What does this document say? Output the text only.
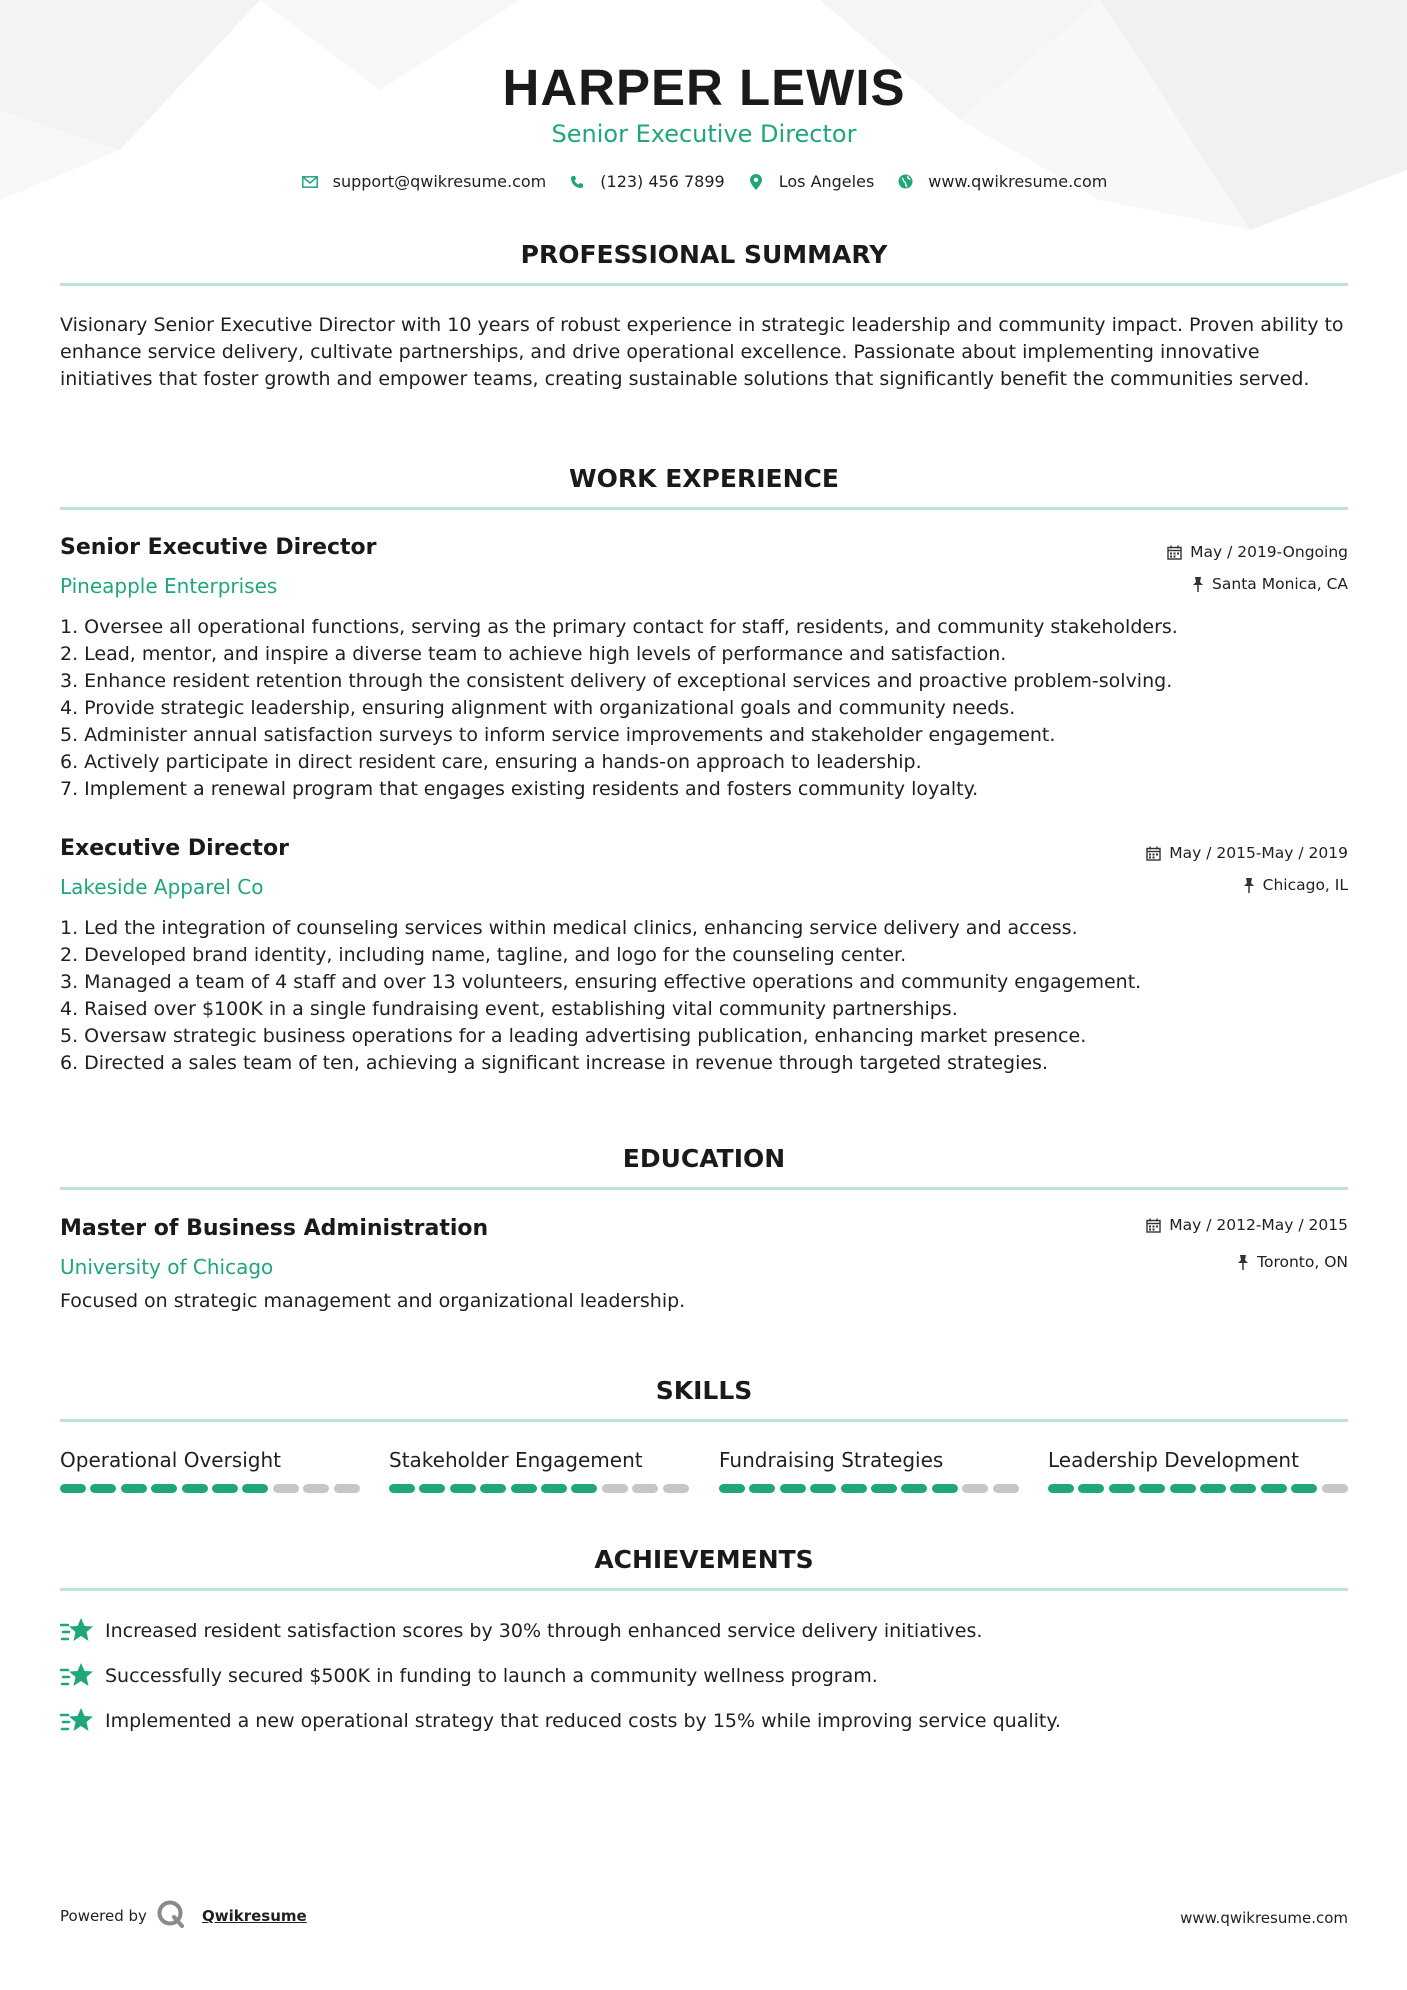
HARPER LEWIS
Senior Executive Director
support@qwikresume.com	(123) 456 7899	Los Angeles	www.qwikresume.com
PROFESSIONAL SUMMARY

Visionary Senior Executive Director with 10 years of robust experience in strategic leadership and community impact. Proven ability to enhance service delivery, cultivate partnerships, and drive operational excellence. Passionate about implementing innovative initiatives that foster growth and empower teams, creating sustainable solutions that significantly benefit the communities served.

WORK EXPERIENCE
Senior Executive Director
Pineapple Enterprises
May / 2019-Ongoing
Santa Monica, CA
1. Oversee all operational functions, serving as the primary contact for staff, residents, and community stakeholders.
2. Lead, mentor, and inspire a diverse team to achieve high levels of performance and satisfaction.
3. Enhance resident retention through the consistent delivery of exceptional services and proactive problem-solving.
4. Provide strategic leadership, ensuring alignment with organizational goals and community needs.
5. Administer annual satisfaction surveys to inform service improvements and stakeholder engagement.
6. Actively participate in direct resident care, ensuring a hands-on approach to leadership.
7. Implement a renewal program that engages existing residents and fosters community loyalty.
Executive Director
Lakeside Apparel Co
May / 2015-May / 2019
Chicago, IL
1. Led the integration of counseling services within medical clinics, enhancing service delivery and access.
2. Developed brand identity, including name, tagline, and logo for the counseling center.
3. Managed a team of 4 staff and over 13 volunteers, ensuring effective operations and community engagement.
4. Raised over $100K in a single fundraising event, establishing vital community partnerships.
5. Oversaw strategic business operations for a leading advertising publication, enhancing market presence.
6. Directed a sales team of ten, achieving a significant increase in revenue through targeted strategies.
EDUCATION
Master of Business Administration
University of Chicago
May / 2012-May / 2015
Toronto, ON
Focused on strategic management and organizational leadership.
SKILLS
Operational Oversight	Stakeholder Engagement	Fundraising Strategies	Leadership Development
ACHIEVEMENTS
Increased resident satisfaction scores by 30% through enhanced service delivery initiatives.
Successfully secured $500K in funding to launch a community wellness program.
Implemented a new operational strategy that reduced costs by 15% while improving service quality.
Powered by	Qwikresume	www.qwikresume.com
